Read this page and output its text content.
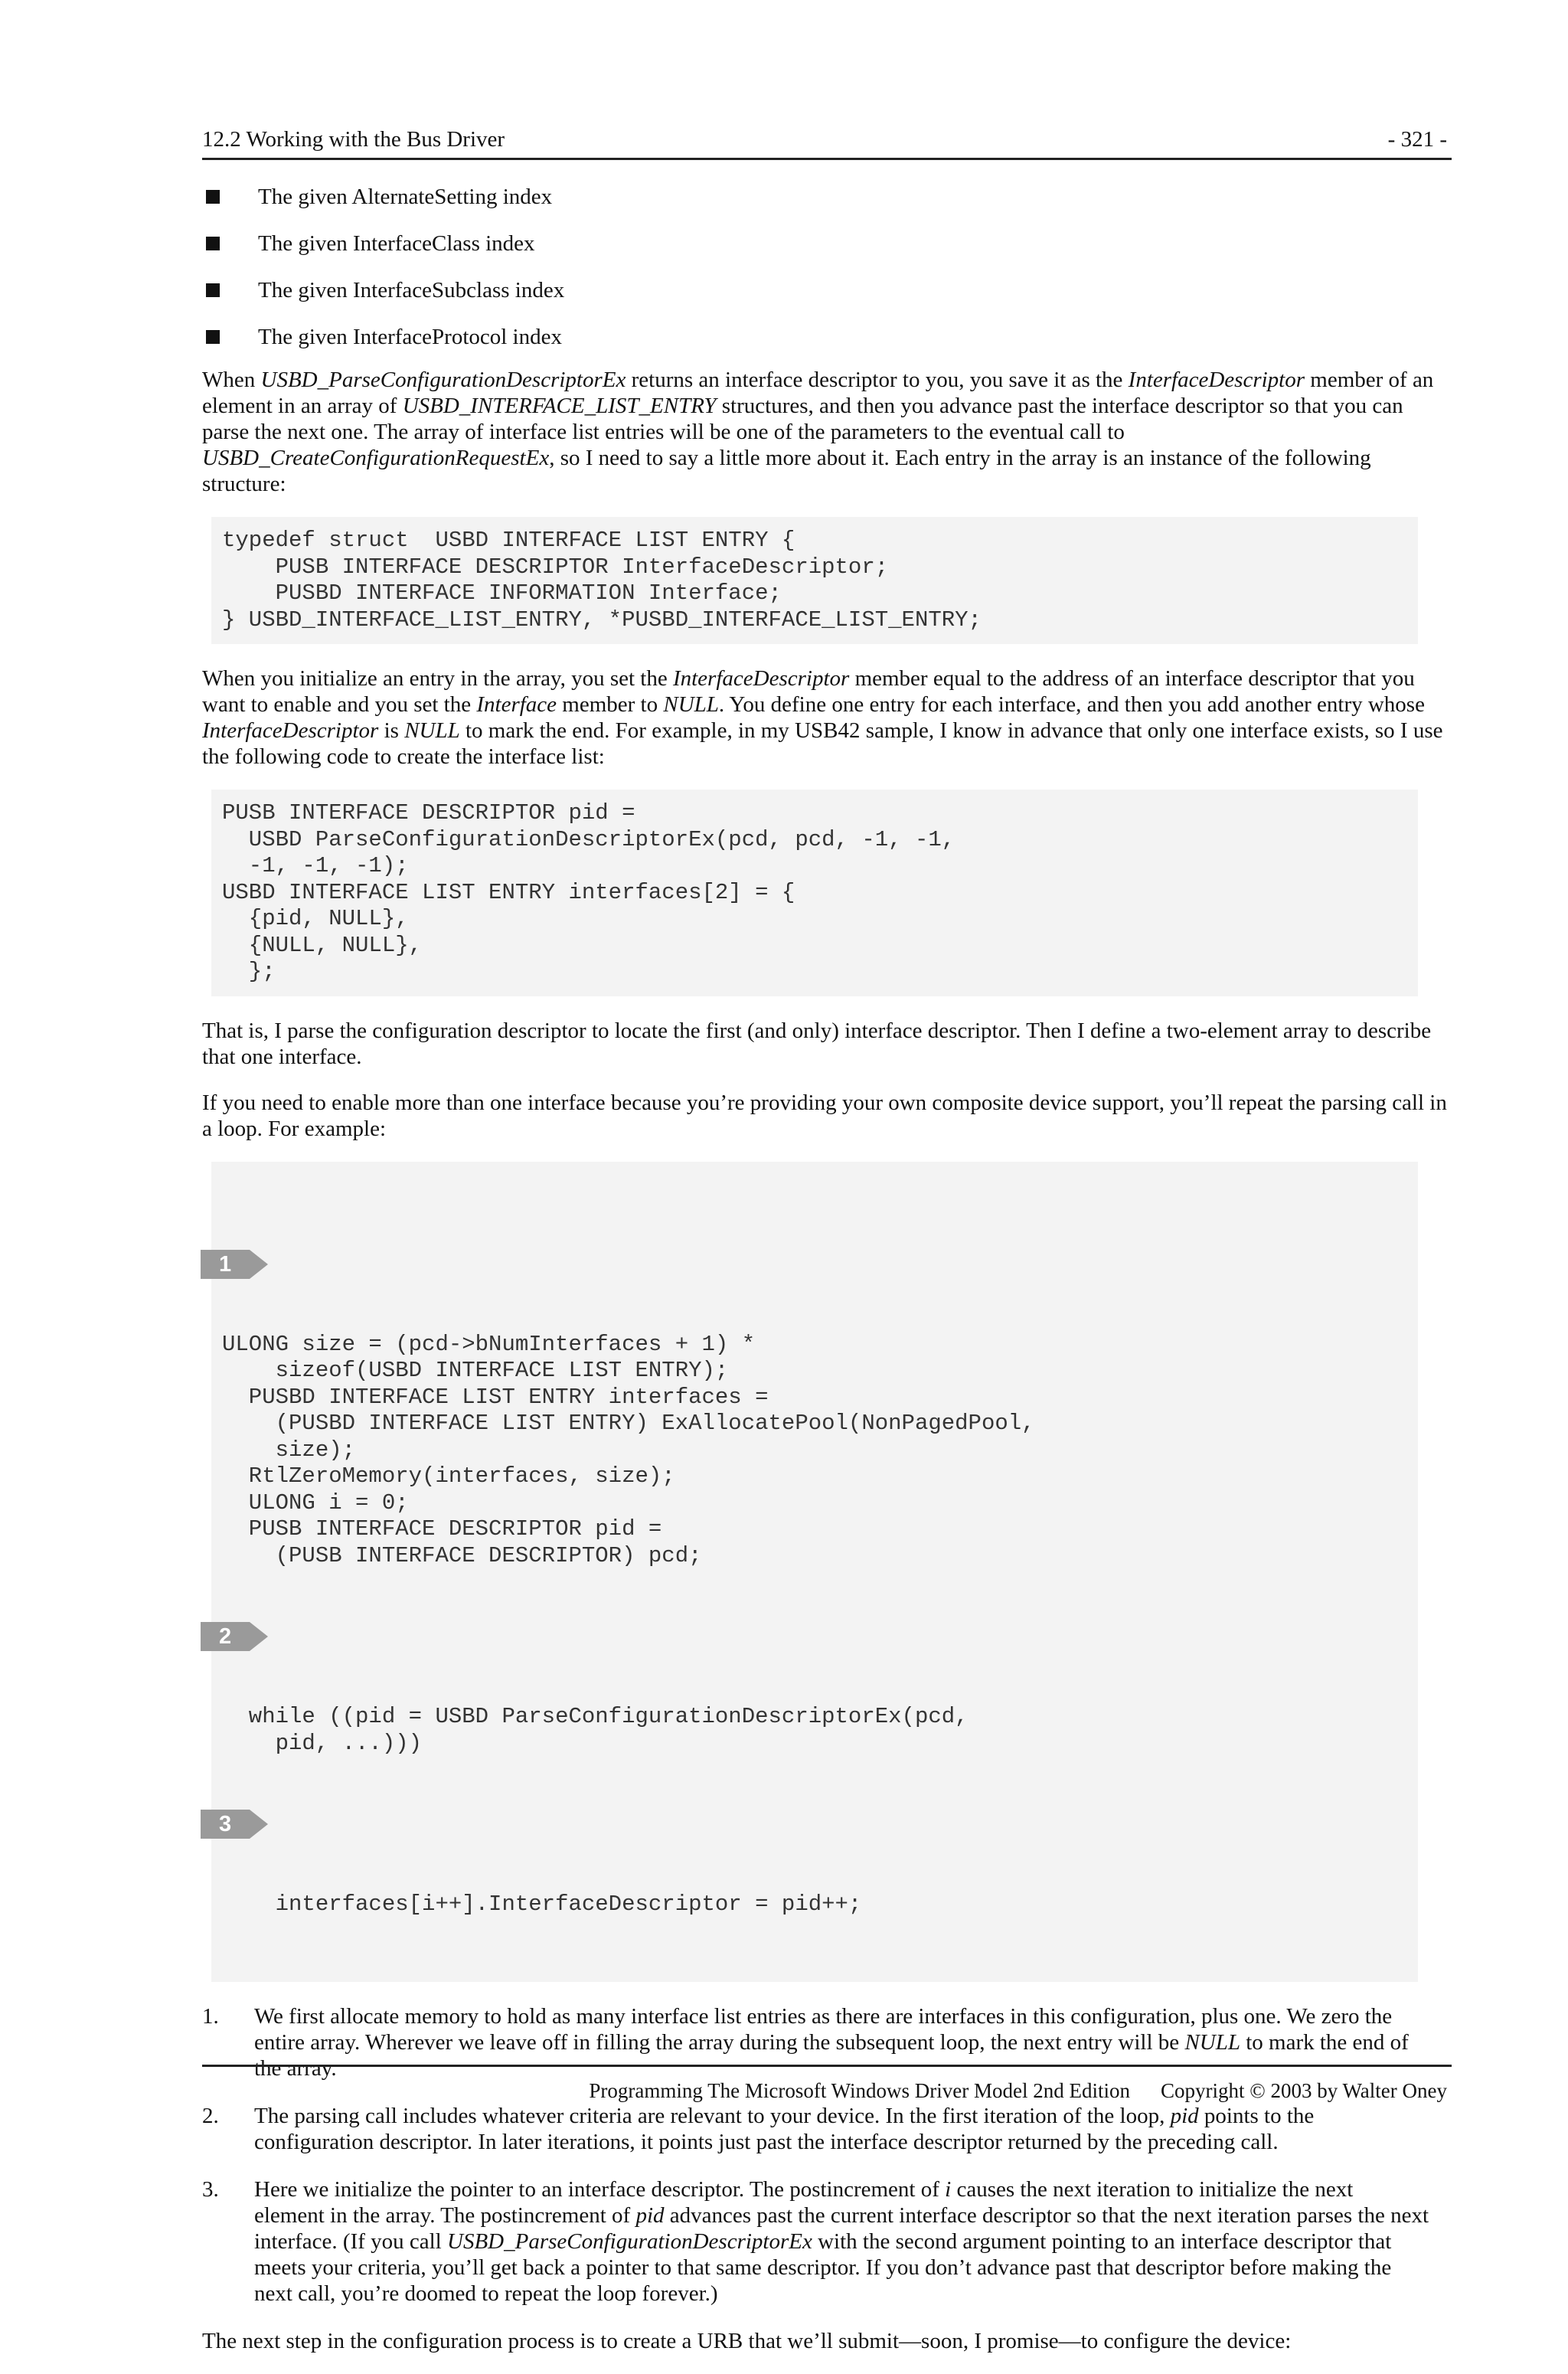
12.2 Working with the Bus Driver	- 321 -
The given AlternateSetting index
The given InterfaceClass index
The given InterfaceSubclass index
The given InterfaceProtocol index

When USBD_ParseConfigurationDescriptorEx returns an interface descriptor to you, you save it as the InterfaceDescriptor member of an element in an array of USBD_INTERFACE_LIST_ENTRY structures, and then you advance past the interface descriptor so that you can parse the next one. The array of interface list entries will be one of the parameters to the eventual call to USBD_CreateConfigurationRequestEx, so I need to say a little more about it. Each entry in the array is an instance of the following structure:

typedef struct  USBD INTERFACE LIST ENTRY {
PUSB INTERFACE DESCRIPTOR InterfaceDescriptor;
PUSBD INTERFACE INFORMATION Interface;
} USBD_INTERFACE_LIST_ENTRY, *PUSBD_INTERFACE_LIST_ENTRY;

When you initialize an entry in the array, you set the InterfaceDescriptor member equal to the address of an interface descriptor that you want to enable and you set the Interface member to NULL. You define one entry for each interface, and then you add another entry whose InterfaceDescriptor is NULL to mark the end. For example, in my USB42 sample, I know in advance that only one interface exists, so I use the following code to create the interface list:

PUSB INTERFACE DESCRIPTOR pid =
USBD ParseConfigurationDescriptorEx(pcd, pcd, -1, -1,
-1, -1, -1);
USBD INTERFACE LIST ENTRY interfaces[2] = {
{pid, NULL},
{NULL, NULL},
};

That is, I parse the configuration descriptor to locate the first (and only) interface descriptor. Then I define a two-element array to describe that one interface.

If you need to enable more than one interface because you’re providing your own composite device support, you’ll repeat the parsing call in a loop. For example:

1

ULONG size = (pcd->bNumInterfaces + 1) *
sizeof(USBD INTERFACE LIST ENTRY);
PUSBD INTERFACE LIST ENTRY interfaces =
(PUSBD INTERFACE LIST ENTRY) ExAllocatePool(NonPagedPool,
size);
RtlZeroMemory(interfaces, size);
ULONG i = 0;
PUSB INTERFACE DESCRIPTOR pid =
(PUSB INTERFACE DESCRIPTOR) pcd;

2

while ((pid = USBD ParseConfigurationDescriptorEx(pcd,
pid, ...)))

3

interfaces[i++].InterfaceDescriptor = pid++;

1.	We first allocate memory to hold as many interface list entries as there are interfaces in this configuration, plus one. We zero the entire array. Wherever we leave off in filling the array during the subsequent loop, the next entry will be NULL to mark the end of the array.
2.	The parsing call includes whatever criteria are relevant to your device. In the first iteration of the loop, pid points to the configuration descriptor. In later iterations, it points just past the interface descriptor returned by the preceding call.
3.	Here we initialize the pointer to an interface descriptor. The postincrement of i causes the next iteration to initialize the next element in the array. The postincrement of pid advances past the current interface descriptor so that the next iteration parses the next interface. (If you call USBD_ParseConfigurationDescriptorEx with the second argument pointing to an interface descriptor that meets your criteria, you’ll get back a pointer to that same descriptor. If you don’t advance past that descriptor before making the next call, you’re doomed to repeat the loop forever.)

The next step in the configuration process is to create a URB that we’ll submit—soon, I promise—to configure the device:

Programming The Microsoft Windows Driver Model 2nd Edition Copyright © 2003 by Walter Oney
